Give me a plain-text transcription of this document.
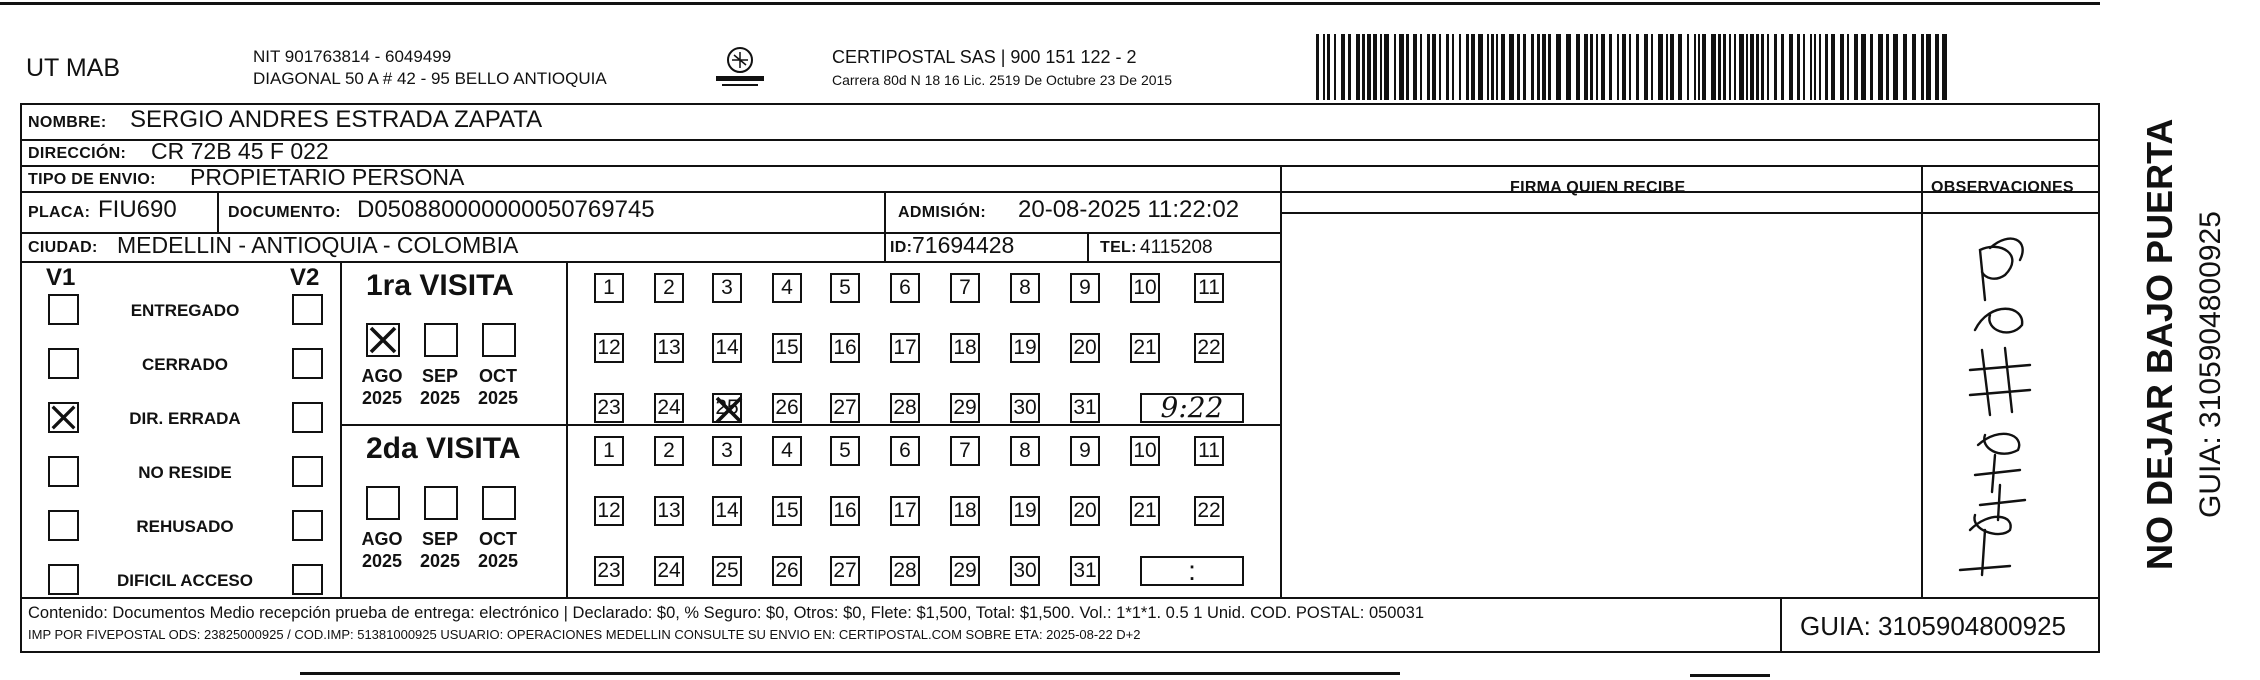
UT MAB	NIT 901763814 - 6049499
DIAGONAL 50 A # 42 - 95 BELLO ANTIOQUIA
CERTIPOSTAL SAS | 900 151 122 - 2
Carrera 80d N 18 16 Lic. 2519 De Octubre 23 De 2015
NOMBRE: SERGIO ANDRES ESTRADA ZAPATA
DIRECCIÓN: CR 72B 45 F 022
TIPO DE ENVIO: PROPIETARIO PERSONA	FIRMA QUIEN RECIBE	OBSERVACIONES
PLACA: FIU690	DOCUMENTO: D050880000000050769745	ADMISIÓN: 20-08-2025 11:22:02
CIUDAD: MEDELLIN - ANTIOQUIA - COLOMBIA	ID: 71694428	TEL: 4115208
V1	V2
ENTREGADO
CERRADO
DIR. ERRADA
NO RESIDE
REHUSADO
DIFICIL ACCESO
1ra VISITA
AGO
2025
SEP
2025
OCT
2025
1	2	3	4	5	6	7	8	9	10 11
12 13 14 15 16 17 18 19 20 21 22
23 24 25 26 27 28 29 30 31	9:22
2da VISITA
AGO
2025
SEP
2025
OCT
2025
1	2	3	4	5	6	7	8	9	10 11
12 13 14 15 16 17 18 19 20 21 22
23 24 25 26 27 28 29 30 31	:
Contenido: Documentos Medio recepción prueba de entrega: electrónico | Declarado: $0, % Seguro: $0, Otros: $0, Flete: $1,500, Total: $1,500. Vol.: 1*1*1. 0.5 1 Unid. COD. POSTAL: 050031
IMP POR FIVEPOSTAL ODS: 23825000925 / COD.IMP: 51381000925 USUARIO: OPERACIONES MEDELLIN CONSULTE SU ENVIO EN: CERTIPOSTAL.COM SOBRE ETA: 2025-08-22 D+2	GUIA: 3105904800925
NO DEJAR BAJO PUERTA GUIA: 3105904800925
